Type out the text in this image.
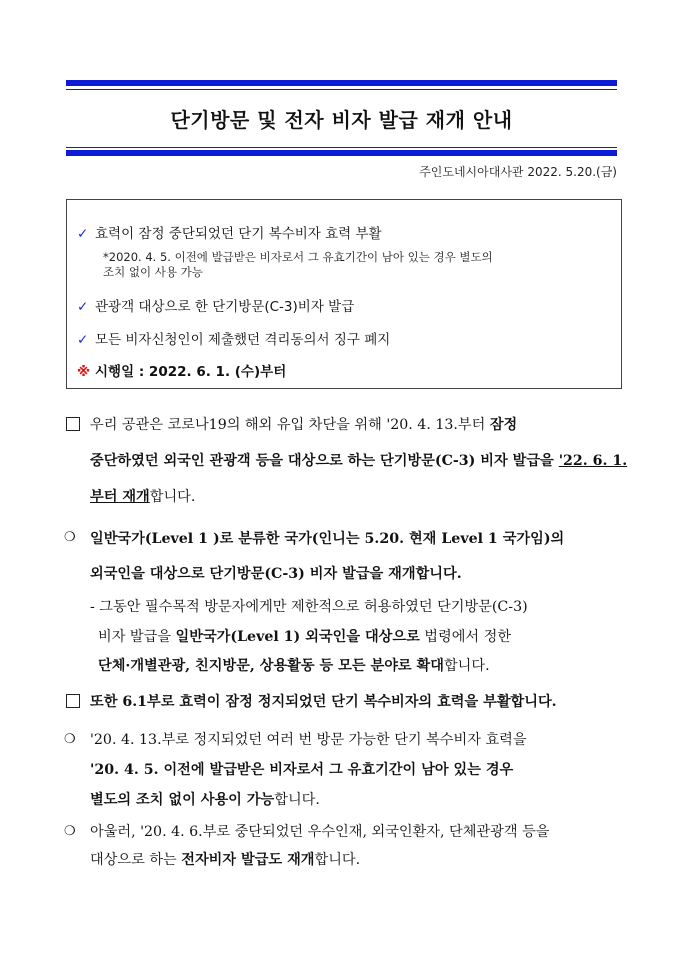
단기방문 및 전자 비자 발급 재개 안내
주인도네시아대사관 2022. 5.20.(금)
✓ 효력이 잠정 중단되었던 단기 복수비자 효력 부활
*2020. 4. 5. 이전에 발급받은 비자로서 그 유효기간이 남아 있는 경우 별도의
조치 없이 사용 가능
✓ 관광객 대상으로 한 단기방문(C-3)비자 발급
✓ 모든 비자신청인이 제출했던 격리동의서 징구 폐지
※ 시행일 : 2022. 6. 1. (수)부터
우리 공관은 코로나19의 해외 유입 차단을 위해 '20. 4. 13.부터 잠정
중단하였던 외국인 관광객 등을 대상으로 하는 단기방문(C-3) 비자 발급을 '22. 6. 1.
부터 재개합니다.
❍ 일반국가(Level 1 )로 분류한 국가(인니는 5.20. 현재 Level 1 국가임)의
외국인을 대상으로 단기방문(C-3) 비자 발급을 재개합니다.
- 그동안 필수목적 방문자에게만 제한적으로 허용하였던 단기방문(C-3)
비자 발급을 일반국가(Level 1) 외국인을 대상으로 법령에서 정한
단체·개별관광, 친지방문, 상용활동 등 모든 분야로 확대합니다.
또한 6.1부로 효력이 잠정 정지되었던 단기 복수비자의 효력을 부활합니다.
❍ '20. 4. 13.부로 정지되었던 여러 번 방문 가능한 단기 복수비자 효력을
'20. 4. 5. 이전에 발급받은 비자로서 그 유효기간이 남아 있는 경우
별도의 조치 없이 사용이 가능합니다.
❍ 아울러, '20. 4. 6.부로 중단되었던 우수인재, 외국인환자, 단체관광객 등을
대상으로 하는 전자비자 발급도 재개합니다.
